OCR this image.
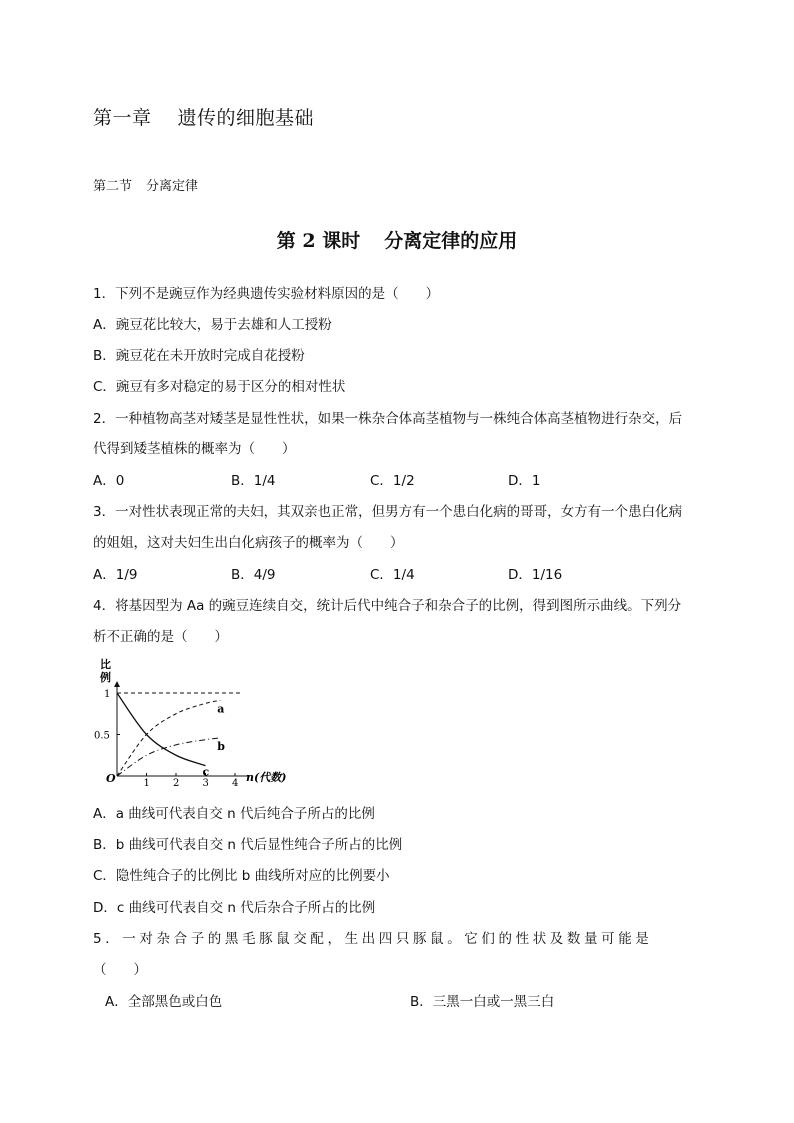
第一章 遗传的细胞基础
第二节 分离定律
第 2 课时 分离定律的应用
1．下列不是豌豆作为经典遗传实验材料原因的是（　　）
A．豌豆花比较大，易于去雄和人工授粉
B．豌豆花在未开放时完成自花授粉
C．豌豆有多对稳定的易于区分的相对性状
2．一种植物高茎对矮茎是显性性状，如果一株杂合体高茎植物与一株纯合体高茎植物进行杂交，后
代得到矮茎植株的概率为（　　）
A．0	B．1/4	C．1/2	D．1
3．一对性状表现正常的夫妇，其双亲也正常，但男方有一个患白化病的哥哥，女方有一个患白化病
的姐姐，这对夫妇生出白化病孩子的概率为（　　）
A．1/9	B．4/9	C．1/4	D．1/16
4．将基因型为 Aa 的豌豆连续自交，统计后代中纯合子和杂合子的比例，得到图所示曲线。下列分
析不正确的是（　　）
比
例
n(代数)
O	1 2 3 4
0.5
1
a
b
c
A．a 曲线可代表自交 n 代后纯合子所占的比例
B．b 曲线可代表自交 n 代后显性纯合子所占的比例
C．隐性纯合子的比例比 b 曲线所对应的比例要小
D．c 曲线可代表自交 n 代后杂合子所占的比例
5．一对杂合子的黑毛豚鼠交配，生出四只豚鼠。它们的性状及数量可能是
（　　）
A．全部黑色或白色	B．三黑一白或一黑三白
